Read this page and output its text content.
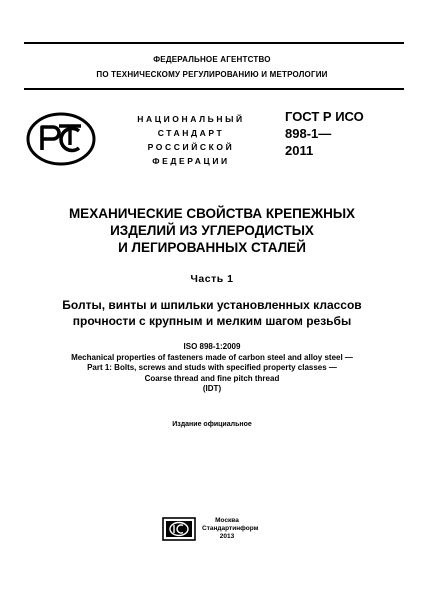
ФЕДЕРАЛЬНОЕ АГЕНТСТВО
ПО ТЕХНИЧЕСКОМУ РЕГУЛИРОВАНИЮ И МЕТРОЛОГИИ
НАЦИОНАЛЬНЫЙ
СТАНДАРТ
РОССИЙСКОЙ
ФЕДЕРАЦИИ
ГОСТ Р ИСО
898-1—
2011
МЕХАНИЧЕСКИЕ СВОЙСТВА КРЕПЕЖНЫХ
ИЗДЕЛИЙ ИЗ УГЛЕРОДИСТЫХ
И ЛЕГИРОВАННЫХ СТАЛЕЙ
Часть 1
Болты, винты и шпильки установленных классов
прочности с крупным и мелким шагом резьбы
ISO 898-1:2009
Mechanical properties of fasteners made of carbon steel and alloy steel —
Part 1: Bolts, screws and studs with specified property classes —
Coarse thread and fine pitch thread
(IDT)
Издание официальное
Москва
Стандартинформ
2013
